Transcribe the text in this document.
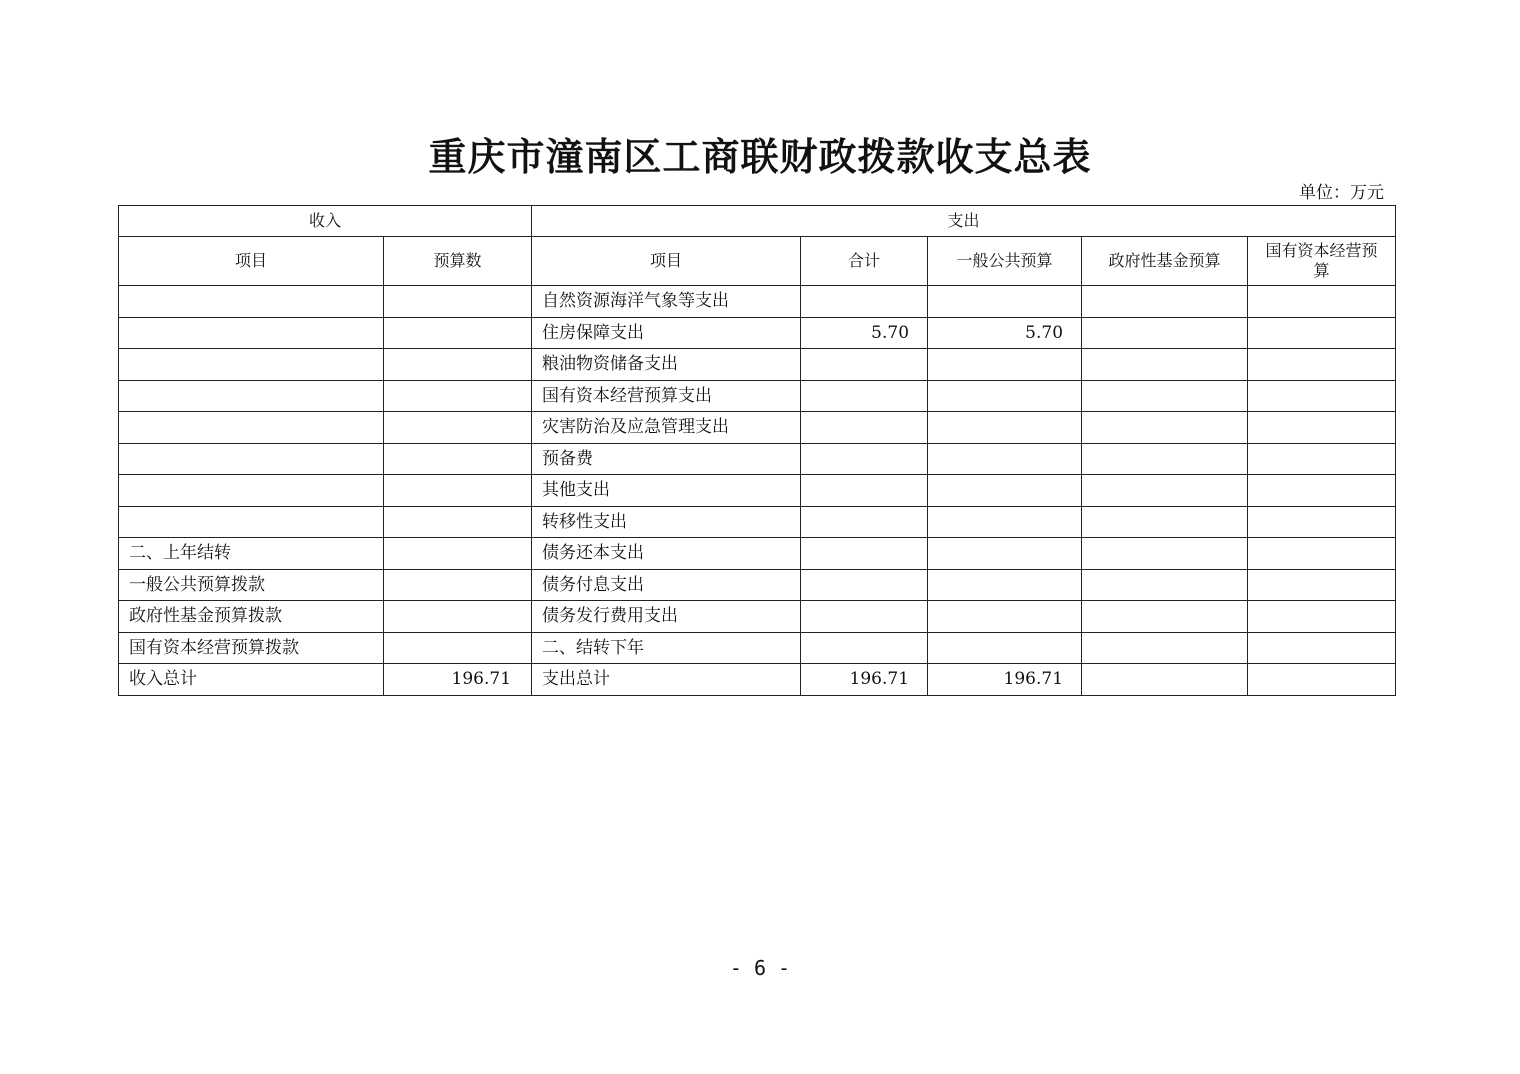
重庆市潼南区工商联财政拨款收支总表
单位：万元
收入		支出				
项目	预算数	项目	合计	一般公共预算	政府性基金预算	国有资本经营预算
		自然资源海洋气象等支出				
		住房保障支出	5.70	5.70		
		粮油物资储备支出				
		国有资本经营预算支出				
		灾害防治及应急管理支出				
		预备费				
		其他支出				
		转移性支出				
二、上年结转		债务还本支出				
一般公共预算拨款		债务付息支出				
政府性基金预算拨款		债务发行费用支出				
国有资本经营预算拨款		二、结转下年				
收入总计	196.71	支出总计	196.71	196.71		
- 6 -
